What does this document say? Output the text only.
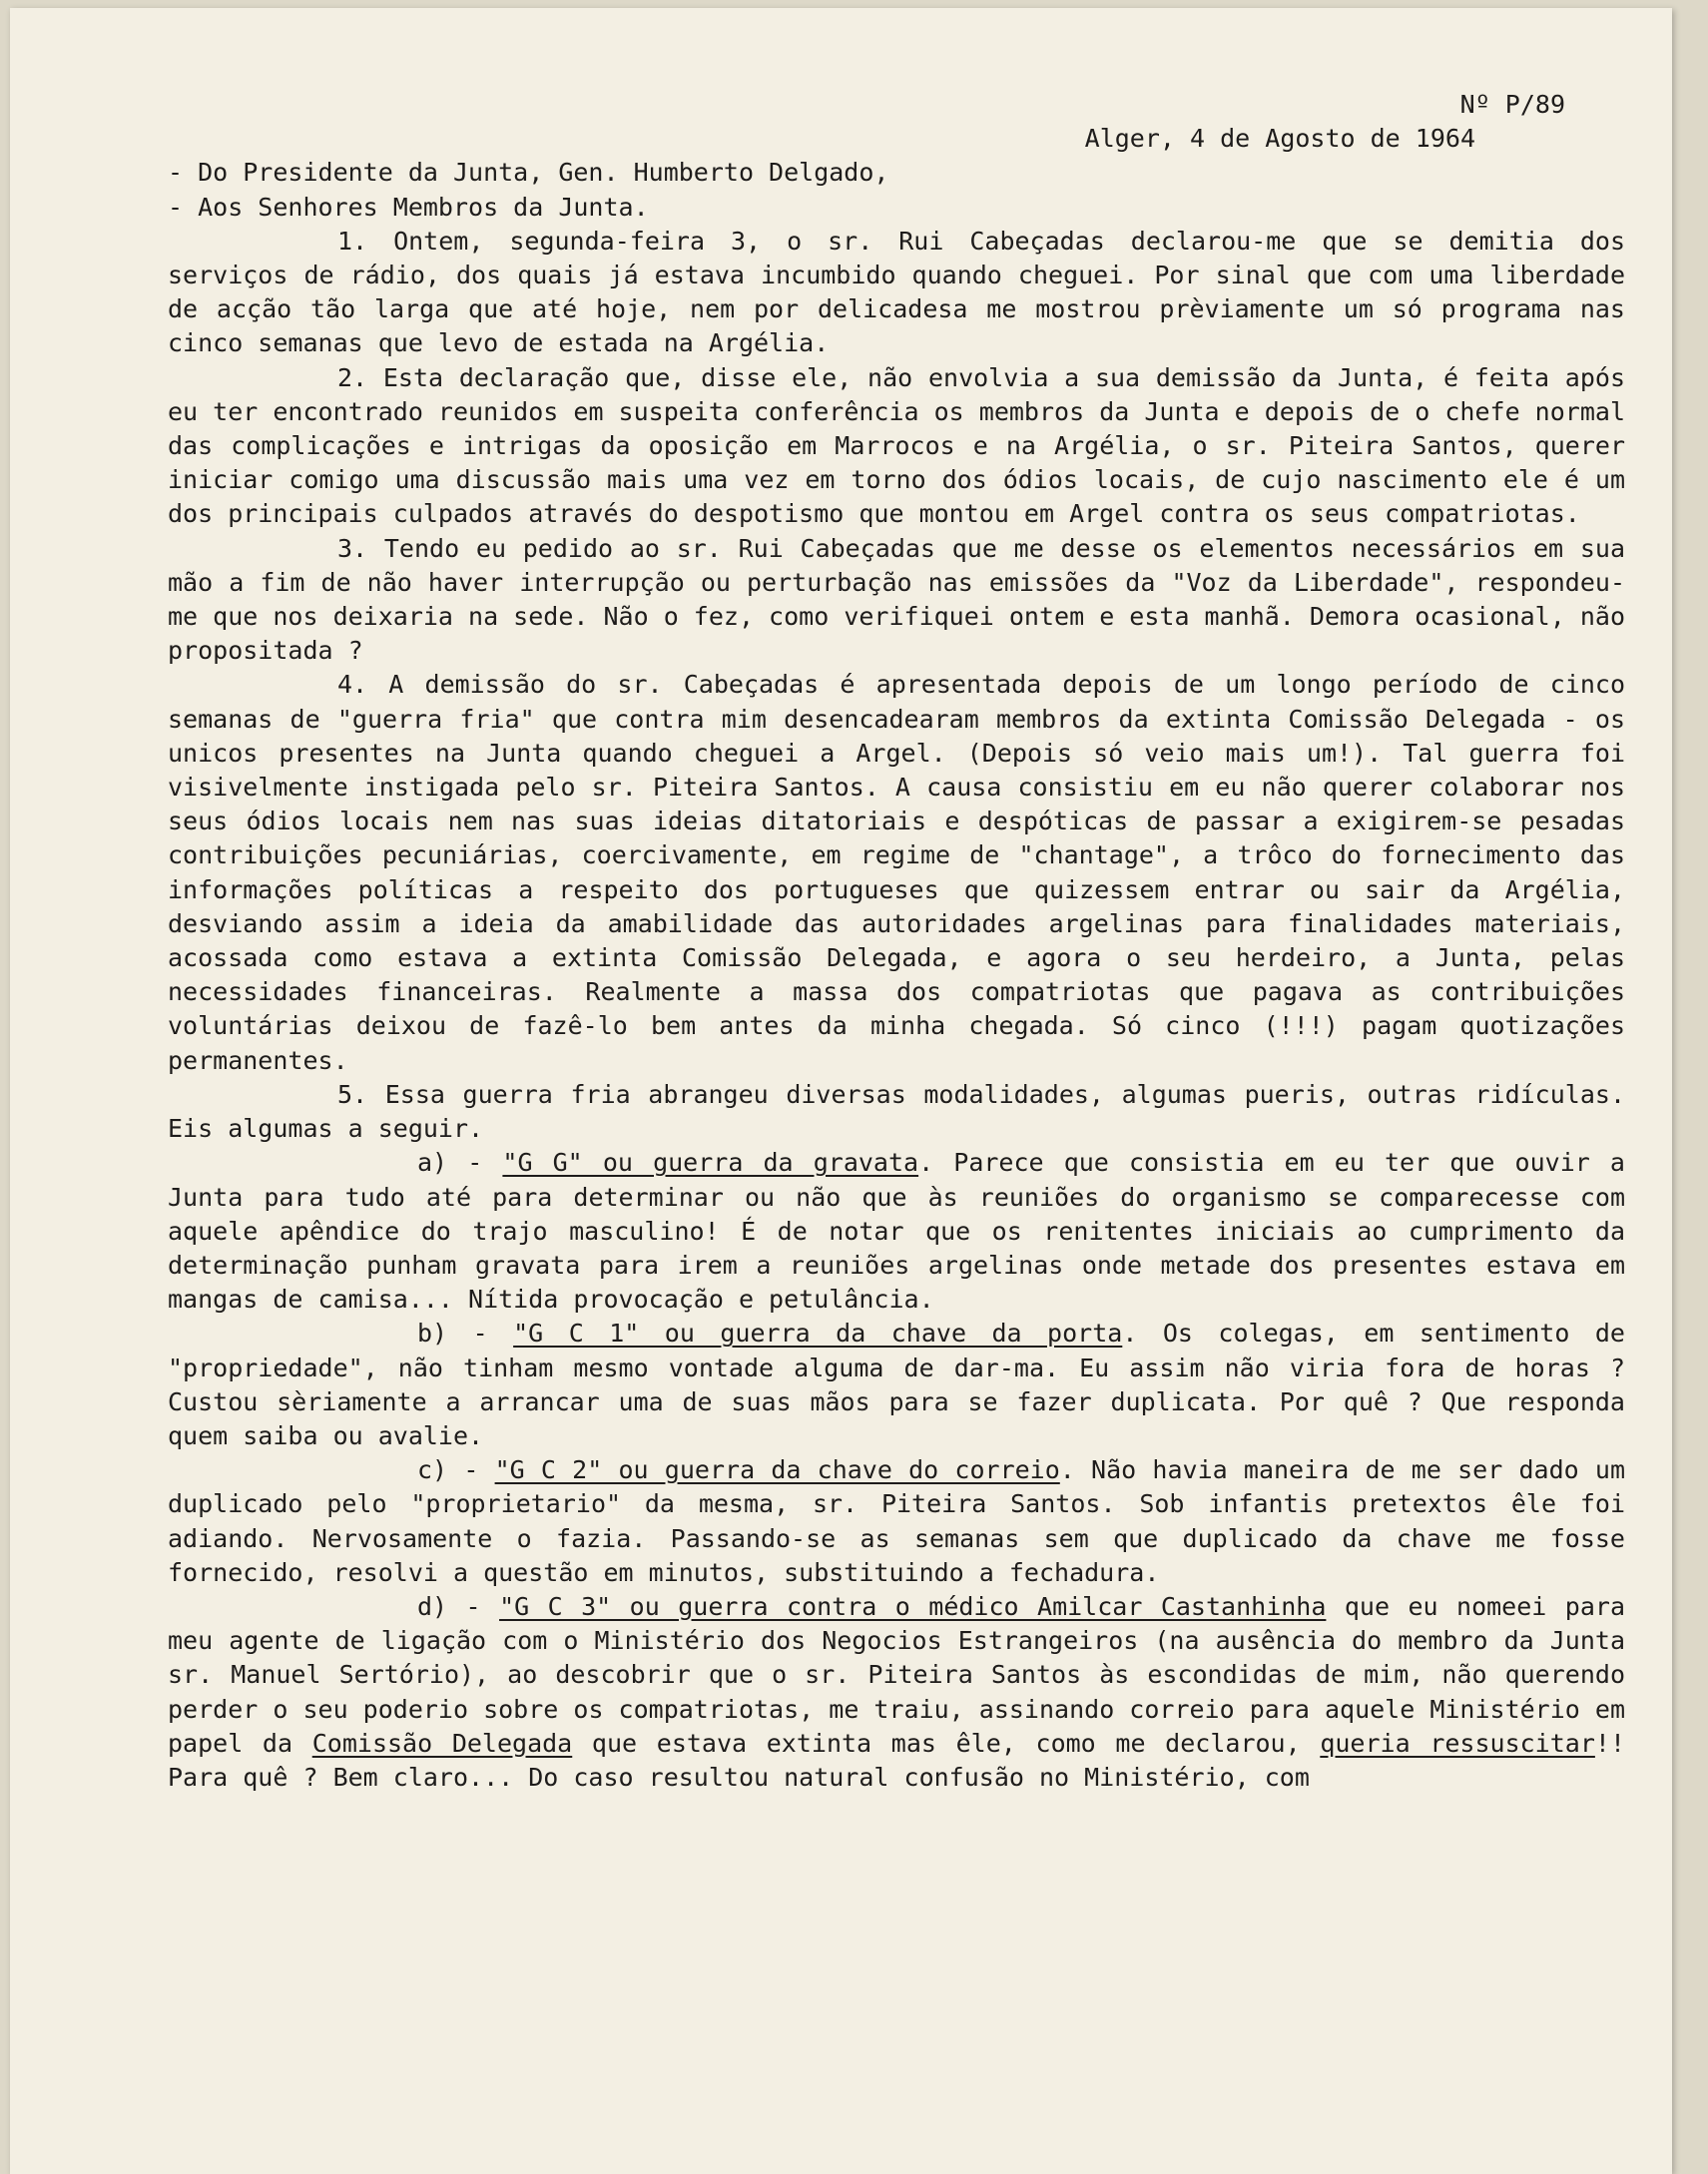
Nº P/89

Alger, 4 de Agosto de 1964

- Do Presidente da Junta, Gen. Humberto Delgado,

- Aos Senhores Membros da Junta.

1. Ontem, segunda-feira 3, o sr. Rui Cabeçadas declarou-me que se demitia dos serviços de rádio, dos quais já estava incumbido quando cheguei. Por sinal que com uma liberdade de acção tão larga que até hoje, nem por delicadesa me mostrou prèviamente um só programa nas cinco semanas que levo de estada na Argélia.

2. Esta declaração que, disse ele, não envolvia a sua demissão da Junta, é feita após eu ter encontrado reunidos em suspeita conferência os membros da Junta e depois de o chefe normal das complicações e intrigas da oposição em Marrocos e na Argélia, o sr. Piteira Santos, querer iniciar comigo uma discussão mais uma vez em torno dos ódios locais, de cujo nascimento ele é um dos principais culpados através do despotismo que montou em Argel contra os seus compatriotas.

3. Tendo eu pedido ao sr. Rui Cabeçadas que me desse os elementos necessários em sua mão a fim de não haver interrupção ou perturbação nas emissões da "Voz da Liberdade", respondeu-me que nos deixaria na sede. Não o fez, como verifiquei ontem e esta manhã. Demora ocasional, não propositada ?

4. A demissão do sr. Cabeçadas é apresentada depois de um longo período de cinco semanas de "guerra fria" que contra mim desencadearam membros da extinta Comissão Delegada - os unicos presentes na Junta quando cheguei a Argel. (Depois só veio mais um!). Tal guerra foi visivelmente instigada pelo sr. Piteira Santos. A causa consistiu em eu não querer colaborar nos seus ódios locais nem nas suas ideias ditatoriais e despóticas de passar a exigirem-se pesadas contribuições pecuniárias, coercivamente, em regime de "chantage", a trôco do fornecimento das informações políticas a respeito dos portugueses que quizessem entrar ou sair da Argélia, desviando assim a ideia da amabilidade das autoridades argelinas para finalidades materiais, acossada como estava a extinta Comissão Delegada, e agora o seu herdeiro, a Junta, pelas necessidades financeiras. Realmente a massa dos compatriotas que pagava as contribuições voluntárias deixou de fazê-lo bem antes da minha chegada. Só cinco (!!!) pagam quotizações permanentes.

5. Essa guerra fria abrangeu diversas modalidades, algumas pueris, outras ridículas. Eis algumas a seguir.

a) - "G G" ou guerra da gravata. Parece que consistia em eu ter que ouvir a Junta para tudo até para determinar ou não que às reuniões do organismo se comparecesse com aquele apêndice do trajo masculino! É de notar que os renitentes iniciais ao cumprimento da determinação punham gravata para irem a reuniões argelinas onde metade dos presentes estava em mangas de camisa... Nítida provocação e petulância.

b) - "G C 1" ou guerra da chave da porta. Os colegas, em sentimento de "propriedade", não tinham mesmo vontade alguma de dar-ma. Eu assim não viria fora de horas ? Custou sèriamente a arrancar uma de suas mãos para se fazer duplicata. Por quê ? Que responda quem saiba ou avalie.

c) - "G C 2" ou guerra da chave do correio. Não havia maneira de me ser dado um duplicado pelo "proprietario" da mesma, sr. Piteira Santos. Sob infantis pretextos êle foi adiando. Nervosamente o fazia. Passando-se as semanas sem que duplicado da chave me fosse fornecido, resolvi a questão em minutos, substituindo a fechadura.

d) - "G C 3" ou guerra contra o médico Amilcar Castanhinha que eu nomeei para meu agente de ligação com o Ministério dos Negocios Estrangeiros (na ausência do membro da Junta sr. Manuel Sertório), ao descobrir que o sr. Piteira Santos às escondidas de mim, não querendo perder o seu poderio sobre os compatriotas, me traiu, assinando correio para aquele Ministério em papel da Comissão Delegada que estava extinta mas êle, como me declarou, queria ressuscitar!! Para quê ? Bem claro... Do caso resultou natural confusão no Ministério, com
